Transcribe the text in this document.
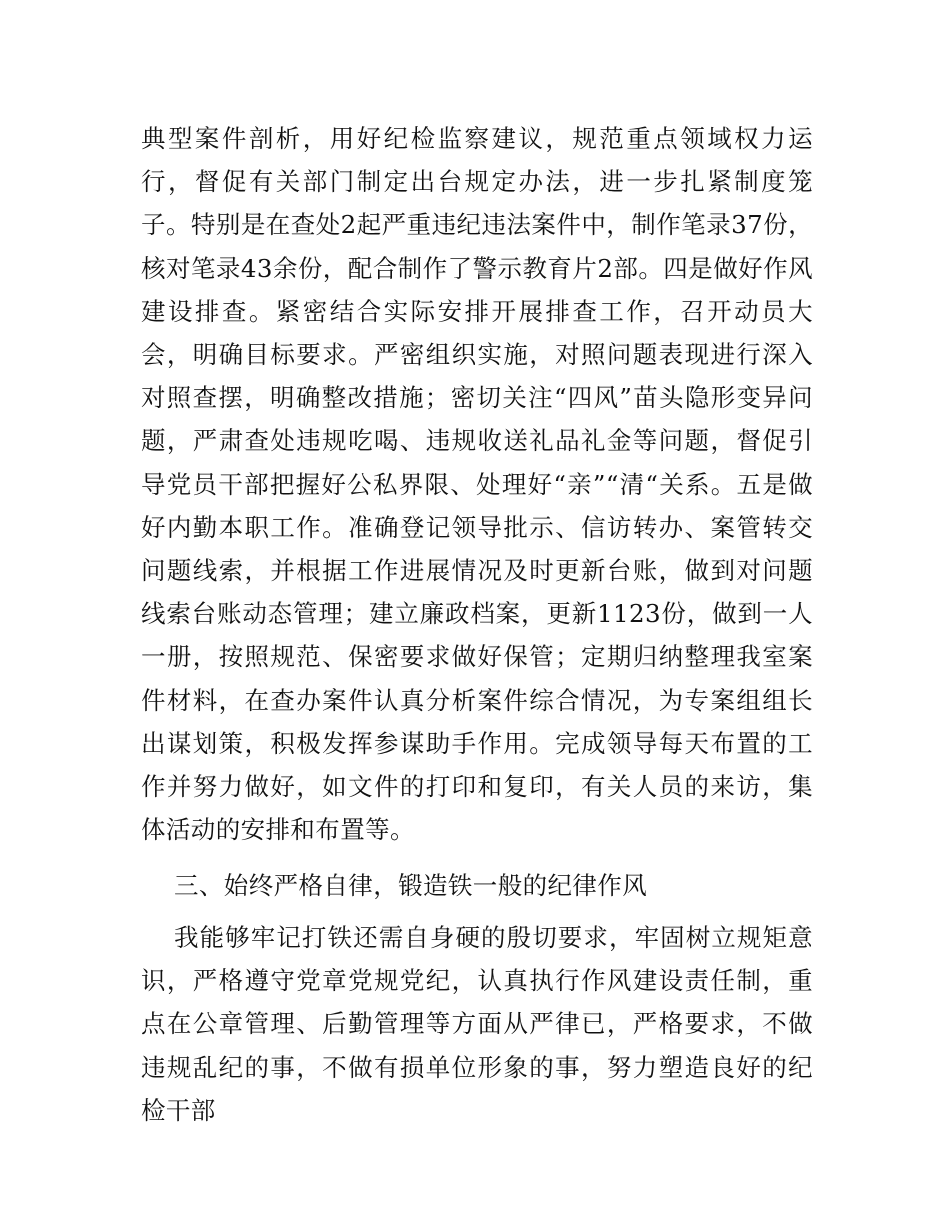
典型案件剖析，用好纪检监察建议，规范重点领域权力运行，督促有关部门制定出台规定办法，进一步扎紧制度笼子。特别是在查处2起严重违纪违法案件中，制作笔录37份，核对笔录43余份，配合制作了警示教育片2部。四是做好作风建设排查。紧密结合实际安排开展排查工作，召开动员大会，明确目标要求。严密组织实施，对照问题表现进行深入对照查摆，明确整改措施；密切关注“四风”苗头隐形变异问题，严肃查处违规吃喝、违规收送礼品礼金等问题，督促引导党员干部把握好公私界限、处理好“亲”“清“关系。五是做好内勤本职工作。准确登记领导批示、信访转办、案管转交问题线索，并根据工作进展情况及时更新台账，做到对问题线索台账动态管理；建立廉政档案，更新1123份，做到一人一册，按照规范、保密要求做好保管；定期归纳整理我室案件材料，在查办案件认真分析案件综合情况，为专案组组长出谋划策，积极发挥参谋助手作用。完成领导每天布置的工作并努力做好，如文件的打印和复印，有关人员的来访，集体活动的安排和布置等。

三、始终严格自律，锻造铁一般的纪律作风

我能够牢记打铁还需自身硬的殷切要求，牢固树立规矩意识，严格遵守党章党规党纪，认真执行作风建设责任制，重点在公章管理、后勤管理等方面从严律已，严格要求，不做违规乱纪的事，不做有损单位形象的事，努力塑造良好的纪检干部
